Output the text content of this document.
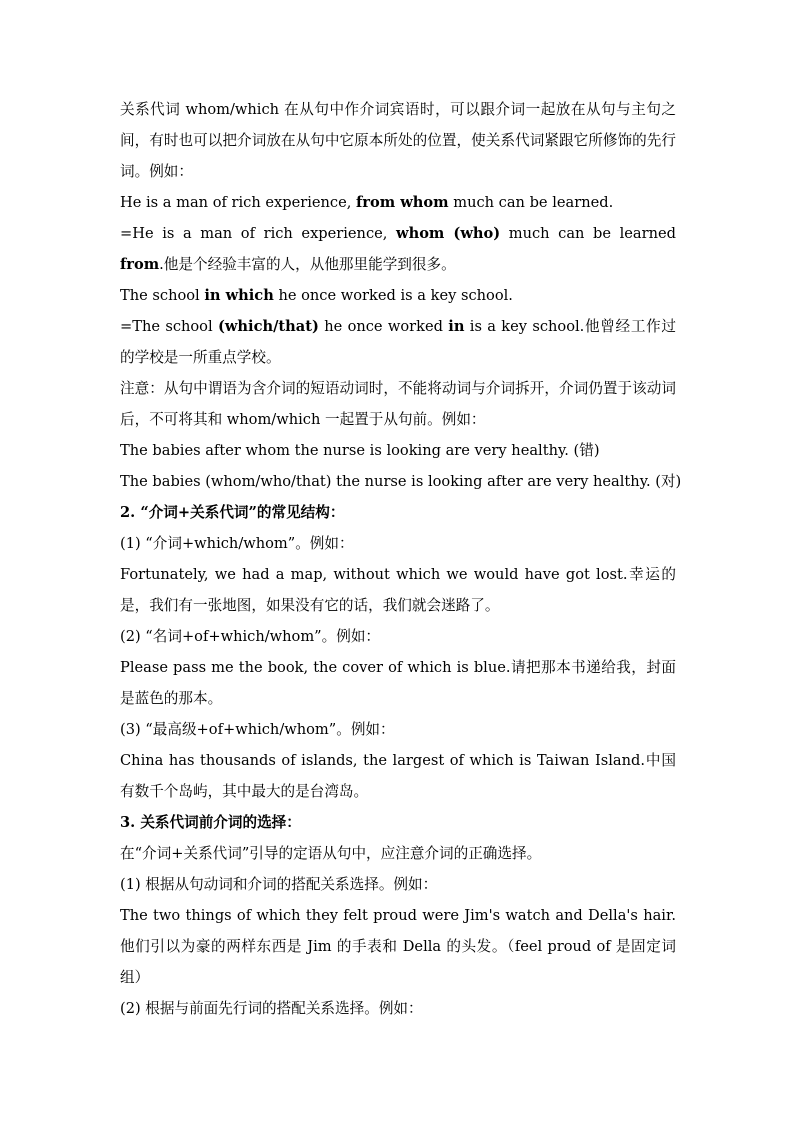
关系代词 whom/which 在从句中作介词宾语时，可以跟介词一起放在从句与主句之间，有时也可以把介词放在从句中它原本所处的位置，使关系代词紧跟它所修饰的先行词。例如：
He is a man of rich experience, from whom much can be learned.
=He is a man of rich experience, whom (who) much can be learned from.他是个经验丰富的人，从他那里能学到很多。
The school in which he once worked is a key school.
=The school (which/that) he once worked in is a key school.他曾经工作过的学校是一所重点学校。
注意：从句中谓语为含介词的短语动词时，不能将动词与介词拆开，介词仍置于该动词后，不可将其和 whom/which 一起置于从句前。例如：
The babies after whom the nurse is looking are very healthy. (错)
The babies (whom/who/that) the nurse is looking after are very healthy. (对)
2. “介词+关系代词”的常见结构：
(1) “介词+which/whom”。例如：
Fortunately, we had a map, without which we would have got lost.幸运的是，我们有一张地图，如果没有它的话，我们就会迷路了。
(2) “名词+of+which/whom”。例如：
Please pass me the book, the cover of which is blue.请把那本书递给我，封面是蓝色的那本。
(3) “最高级+of+which/whom”。例如：
China has thousands of islands, the largest of which is Taiwan Island.中国有数千个岛屿，其中最大的是台湾岛。
3. 关系代词前介词的选择：
在“介词+关系代词”引导的定语从句中，应注意介词的正确选择。
(1) 根据从句动词和介词的搭配关系选择。例如：
The two things of which they felt proud were Jim's watch and Della's hair.他们引以为豪的两样东西是 Jim 的手表和 Della 的头发。（feel proud of 是固定词组）
(2) 根据与前面先行词的搭配关系选择。例如：
